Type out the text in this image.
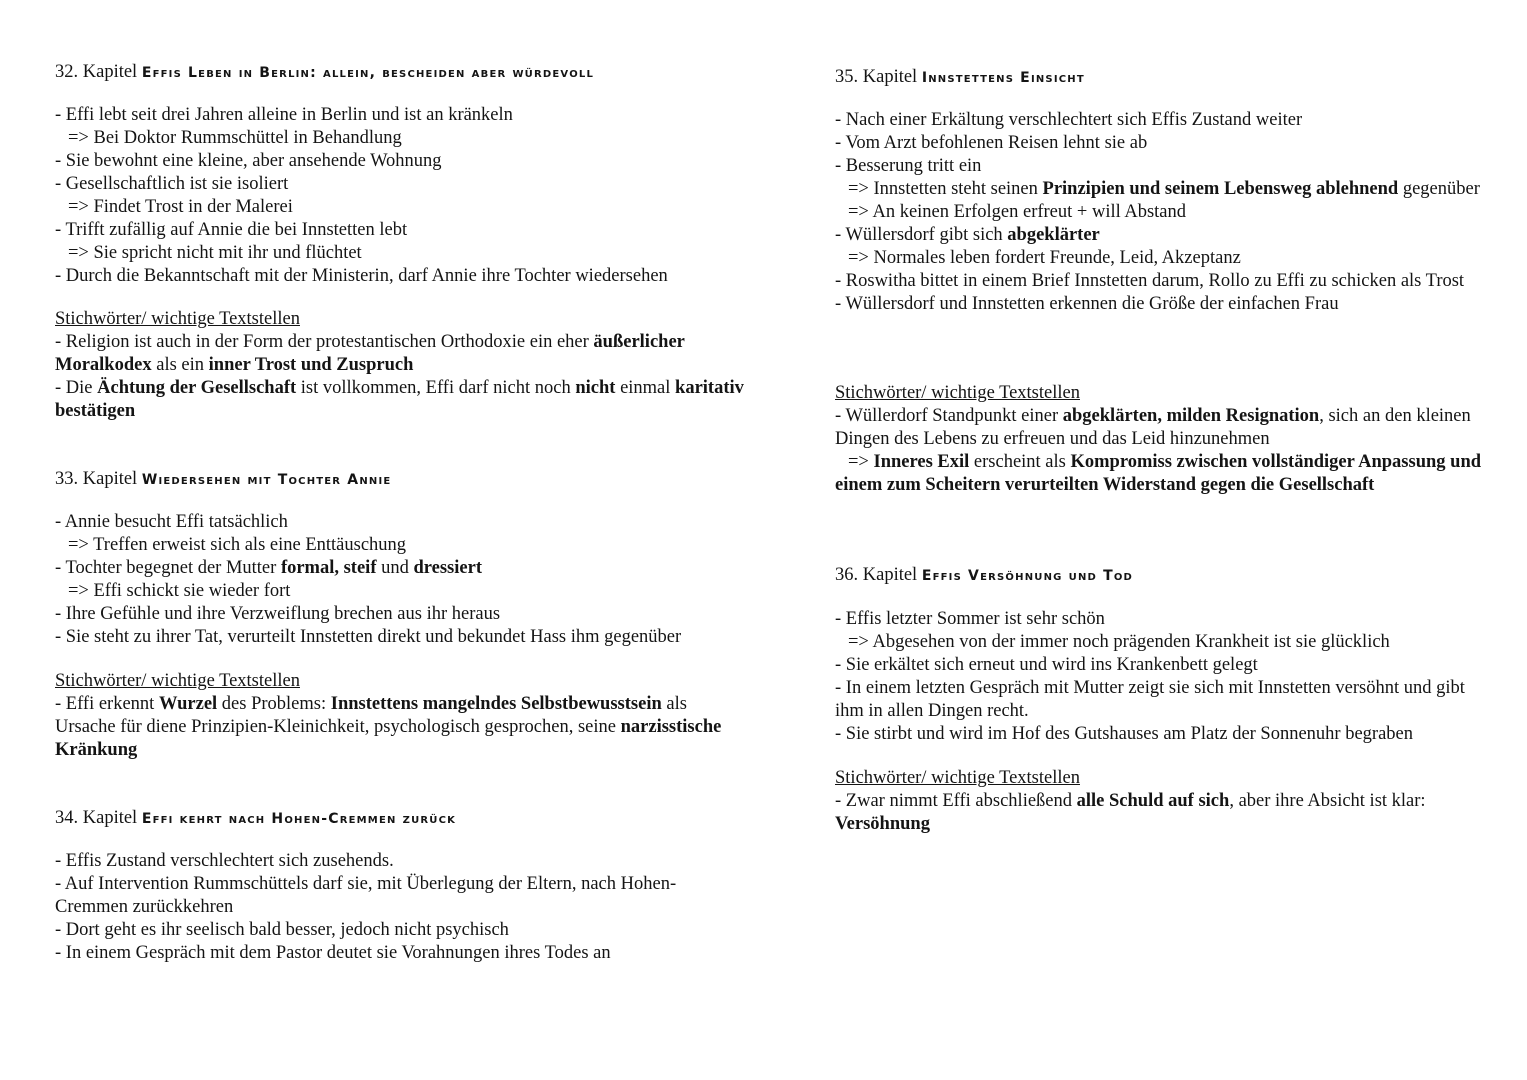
32. Kapitel Effis Leben in Berlin: allein, bescheiden aber würdevoll
- Effi lebt seit drei Jahren alleine in Berlin und ist an kränkeln
=> Bei Doktor Rummschüttel in Behandlung
- Sie bewohnt eine kleine, aber ansehende Wohnung
- Gesellschaftlich ist sie isoliert
=> Findet Trost in der Malerei
- Trifft zufällig auf Annie die bei Innstetten lebt
=> Sie spricht nicht mit ihr und flüchtet
- Durch die Bekanntschaft mit der Ministerin, darf Annie ihre Tochter wiedersehen
Stichwörter/ wichtige Textstellen
- Religion ist auch in der Form der protestantischen Orthodoxie ein eher äußerlicher Moralkodex als ein inner Trost und Zuspruch
- Die Ächtung der Gesellschaft ist vollkommen, Effi darf nicht noch nicht einmal karitativ bestätigen
33. Kapitel Wiedersehen mit Tochter Annie
- Annie besucht Effi tatsächlich
=> Treffen erweist sich als eine Enttäuschung
- Tochter begegnet der Mutter formal, steif und dressiert
=> Effi schickt sie wieder fort
- Ihre Gefühle und ihre Verzweiflung brechen aus ihr heraus
- Sie steht zu ihrer Tat, verurteilt Innstetten direkt und bekundet Hass ihm gegenüber
Stichwörter/ wichtige Textstellen
- Effi erkennt Wurzel des Problems: Innstettens mangelndes Selbstbewusstsein als Ursache für diene Prinzipien-Kleinichkeit, psychologisch gesprochen, seine narzisstische Kränkung
34. Kapitel Effi kehrt nach Hohen-Cremmen zurück
- Effis Zustand verschlechtert sich zusehends.
- Auf Intervention Rummschüttels darf sie, mit Überlegung der Eltern, nach Hohen-Cremmen zurückkehren
- Dort geht es ihr seelisch bald besser, jedoch nicht psychisch
- In einem Gespräch mit dem Pastor deutet sie Vorahnungen ihres Todes an
35. Kapitel Innstettens Einsicht
- Nach einer Erkältung verschlechtert sich Effis Zustand weiter
- Vom Arzt befohlenen Reisen lehnt sie ab
- Besserung tritt ein
=> Innstetten steht seinen Prinzipien und seinem Lebensweg ablehnend gegenüber
=> An keinen Erfolgen erfreut + will Abstand
- Wüllersdorf gibt sich abgeklärter
=> Normales leben fordert Freunde, Leid, Akzeptanz
- Roswitha bittet in einem Brief Innstetten darum, Rollo zu Effi zu schicken als Trost
- Wüllersdorf und Innstetten erkennen die Größe der einfachen Frau
Stichwörter/ wichtige Textstellen
- Wüllerdorf Standpunkt einer abgeklärten, milden Resignation, sich an den kleinen Dingen des Lebens zu erfreuen und das Leid hinzunehmen
=> Inneres Exil erscheint als Kompromiss zwischen vollständiger Anpassung und einem zum Scheitern verurteilten Widerstand gegen die Gesellschaft
36. Kapitel Effis Versöhnung und Tod
- Effis letzter Sommer ist sehr schön
=> Abgesehen von der immer noch prägenden Krankheit ist sie glücklich
- Sie erkältet sich erneut und wird ins Krankenbett gelegt
- In einem letzten Gespräch mit Mutter zeigt sie sich mit Innstetten versöhnt und gibt ihm in allen Dingen recht.
- Sie stirbt und wird im Hof des Gutshauses am Platz der Sonnenuhr begraben
Stichwörter/ wichtige Textstellen
- Zwar nimmt Effi abschließend alle Schuld auf sich, aber ihre Absicht ist klar: Versöhnung
